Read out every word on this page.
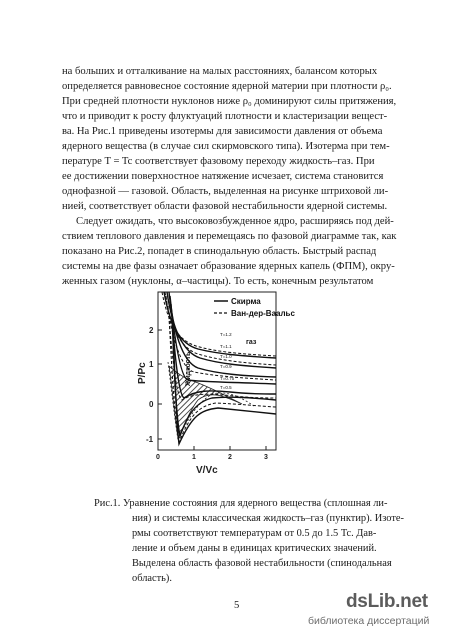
на больших и отталкивание на малых расстояниях, балансом которых
определяется равновесное состояние ядерной материи при плотности ρ₀.
При средней плотности нуклонов ниже ρ₀ доминируют силы притяжения,
что и приводит к росту флуктуаций плотности и кластеризации вещест-
ва. На Рис.1 приведены изотермы для зависимости давления от объема
ядерного вещества (в случае сил скирмовского типа). Изотерма при тем-
пературе T = Tc соответствует фазовому переходу жидкость–газ. При
ее достижении поверхностное натяжение исчезает, система становится
однофазной — газовой. Область, выделенная на рисунке штриховой ли-
нией, соответствует области фазовой нестабильности ядерной системы.
Следует ожидать, что высоковозбужденное ядро, расширяясь под дей-
ствием теплового давления и перемещаясь по фазовой диаграмме так, как
показано на Рис.2, попадет в спинодальную область. Быстрый распад
системы на две фазы означает образование ядерных капель (ФПМ), окру-
женных газом (нуклоны, α–частицы). То есть, конечным результатом
2
1
0
-1
0	1	2	3
P/Pc
V/Vc
Скирма
Ван-дер-Ваальс
Жидкость
газ
T=1.2
T=1.1
T=1.0
T=0.9
T=0.75
T=0.5
Рис.1. Уравнение состояния для ядерного вещества (сплошная ли-
ния) и системы классическая жидкость–газ (пунктир). Изоте-
рмы соответствуют температурам от 0.5 до 1.5 Tc. Дав-
ление и объем даны в единицах критических значений.
Выделена область фазовой нестабильности (спинодальная
область).
5	dsLib.net
библиотека диссертаций
